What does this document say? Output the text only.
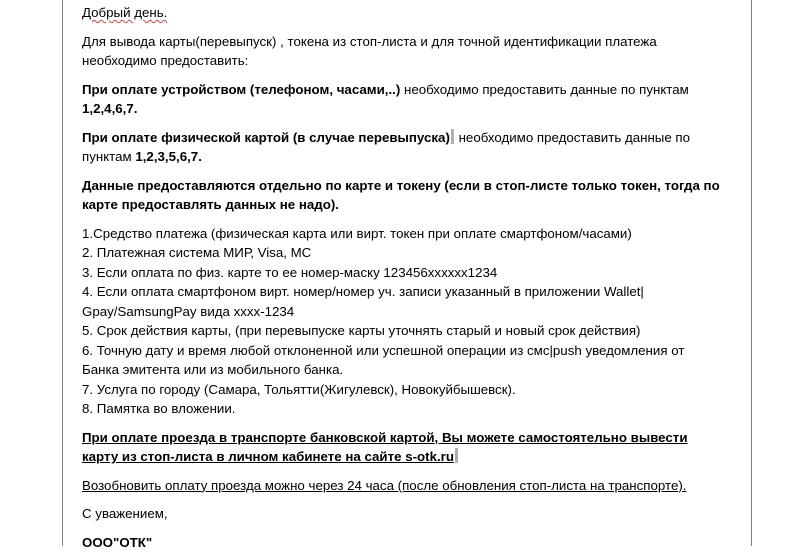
Добрый день.

Для вывода карты(перевыпуск) , токена из стоп-листа и для точной идентификации платежа

необходимо предоставить:

При оплате устройством (телефоном, часами,..) необходимо предоставить данные по пунктам

1,2,4,6,7.

При оплате физической картой (в случае перевыпуска) необходимо предоставить данные по

пунктам 1,2,3,5,6,7.

Данные предоставляются отдельно по карте и токену (если в стоп-листе только токен, тогда по

карте предоставлять данных не надо).

1.Средство платежа (физическая карта или вирт. токен при оплате смартфоном/часами)

2. Платежная система МИР, Visa, МС

3. Если оплата по физ. карте то ее номер-маску 123456xxxxxx1234

4. Если оплата смартфоном вирт. номер/номер уч. записи указанный в приложении Wallet|

Gpay/SamsungPay вида xxxx-1234

5. Срок действия карты, (при перевыпуске карты уточнять старый и новый срок действия)

6. Точную дату и время любой отклоненной или успешной операции из смс|push уведомления от

Банка эмитента или из мобильного банка.

7. Услуга по городу (Самара, Тольятти(Жигулевск), Новокуйбышевск).

8. Памятка во вложении.

При оплате проезда в транспорте банковской картой, Вы можете самостоятельно вывести

карту из стоп-листа в личном кабинете на сайте s-otk.ru

Возобновить оплату проезда можно через 24 часа (после обновления стоп-листа на транспорте).

С уважением,

ООО"ОТК"
